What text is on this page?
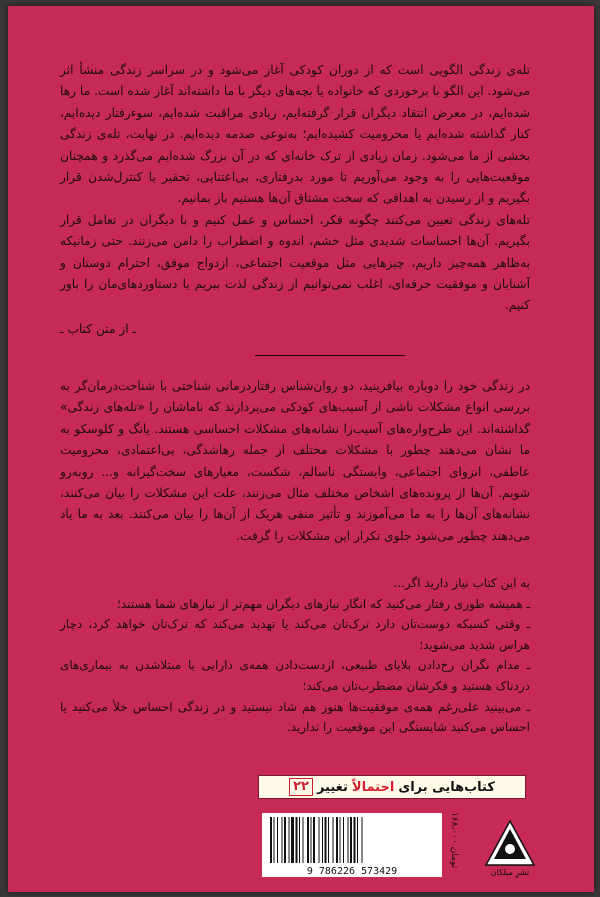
تله‌ی زندگی الگویی است که از دوران کودکی آغاز می‌شود و در سراسر زندگی منشأ اثر می‌شود. این الگو با برخوردی که خانواده یا بچه‌های دیگر با ما داشته‌اند آغاز شده است. ما رها شده‌ایم، در معرض انتقاد دیگران قرار گرفته‌ایم، زیادی مراقبت شده‌ایم، سوءرفتار دیده‌ایم، کنار گذاشته شده‌ایم یا محرومیت کشیده‌ایم؛ به‌نوعی صدمه دیده‌ایم. در نهایت، تله‌ی زندگی بخشی از ما می‌شود. زمان زیادی از ترک خانه‌ای که در آن بزرگ شده‌ایم می‌گذرد و همچنان موقعیت‌هایی را به وجود می‌آوریم تا مورد بدرفتاری، بی‌اعتنایی، تحقیر یا کنترل‌شدن قرار بگیریم و از رسیدن به اهدافی که سخت مشتاق آن‌ها هستیم باز بمانیم.

تله‌های زندگی تعیین می‌کنند چگونه فکر، احساس و عمل کنیم و با دیگران در تعامل قرار بگیریم. آن‌ها احساسات شدیدی مثل خشم، اندوه و اضطراب را دامن می‌زنند. حتی زمانیکه به‌ظاهر همه‌چیز داریم، چیزهایی مثل موقعیت اجتماعی، ازدواج موفق، احترام دوستان و آشنایان و موفقیت حرفه‌ای، اغلب نمی‌توانیم از زندگی لذت ببریم یا دستاوردهای‌مان را باور کنیم.

ـ از متن کتاب ـ

در زندگی خود را دوباره بیافرینید، دو روان‌شناس رفتاردرمانی شناختی با شناخت‌درمان‌گر به بررسی انواع مشکلات ناشی از آسیب‌های کودکی می‌پردازند که ناماشان را «تله‌های زندگی» گذاشته‌اند. این طرح‌واره‌های آسیب‌زا نشانه‌های مشکلات احساسی هستند. یانگ و کلوسکو به ما نشان می‌دهند چطور با مشکلات مختلف از جمله رهاشدگی، بی‌اعتمادی، محرومیت عاطفی، انزوای اجتماعی، وابستگی ناسالم، شکست، معیارهای سخت‌گیرانه و... روبه‌رو شویم. آن‌ها از پرونده‌های اشخاص مختلف مثال می‌زنند، علت این مشکلات را بیان می‌کنند، نشانه‌های آن‌ها را به ما می‌آموزند و تأثیر منفی هریک از آن‌ها را بیان می‌کنند. بعد به ما یاد می‌دهند چطور می‌شود جلوی تکرار این مشکلات را گرفت.

به این کتاب نیاز دارید اگر...

ـ همیشه طوری رفتار می‌کنید که انگار نیازهای دیگران مهم‌تر از نیازهای شما هستند؛
ـ وقتی کسیکه دوست‌تان دارد ترک‌تان می‌کند یا تهدید می‌کند که ترک‌تان خواهد کرد، دچار هراس شدید می‌شوید؛
ـ مدام نگران رخ‌دادن بلایای طبیعی، ازدست‌دادن همه‌ی دارایی یا مبتلاشدن به بیماری‌های دردناک هستید و فکرشان مضطرب‌تان می‌کند؛
ـ می‌بینید علی‌رغم همه‌ی موفقیت‌ها هنوز هم شاد نیستید و در زندگی احساس خلأ می‌کنید یا احساس می‌کنید شایستگی این موقعیت را ندارید.
کتاب‌هایی برای
احتمالاً
تغییر
۲۲
9 786226 573429
۱۶۸،۰۰۰ تومان
نشرِ میلکان
